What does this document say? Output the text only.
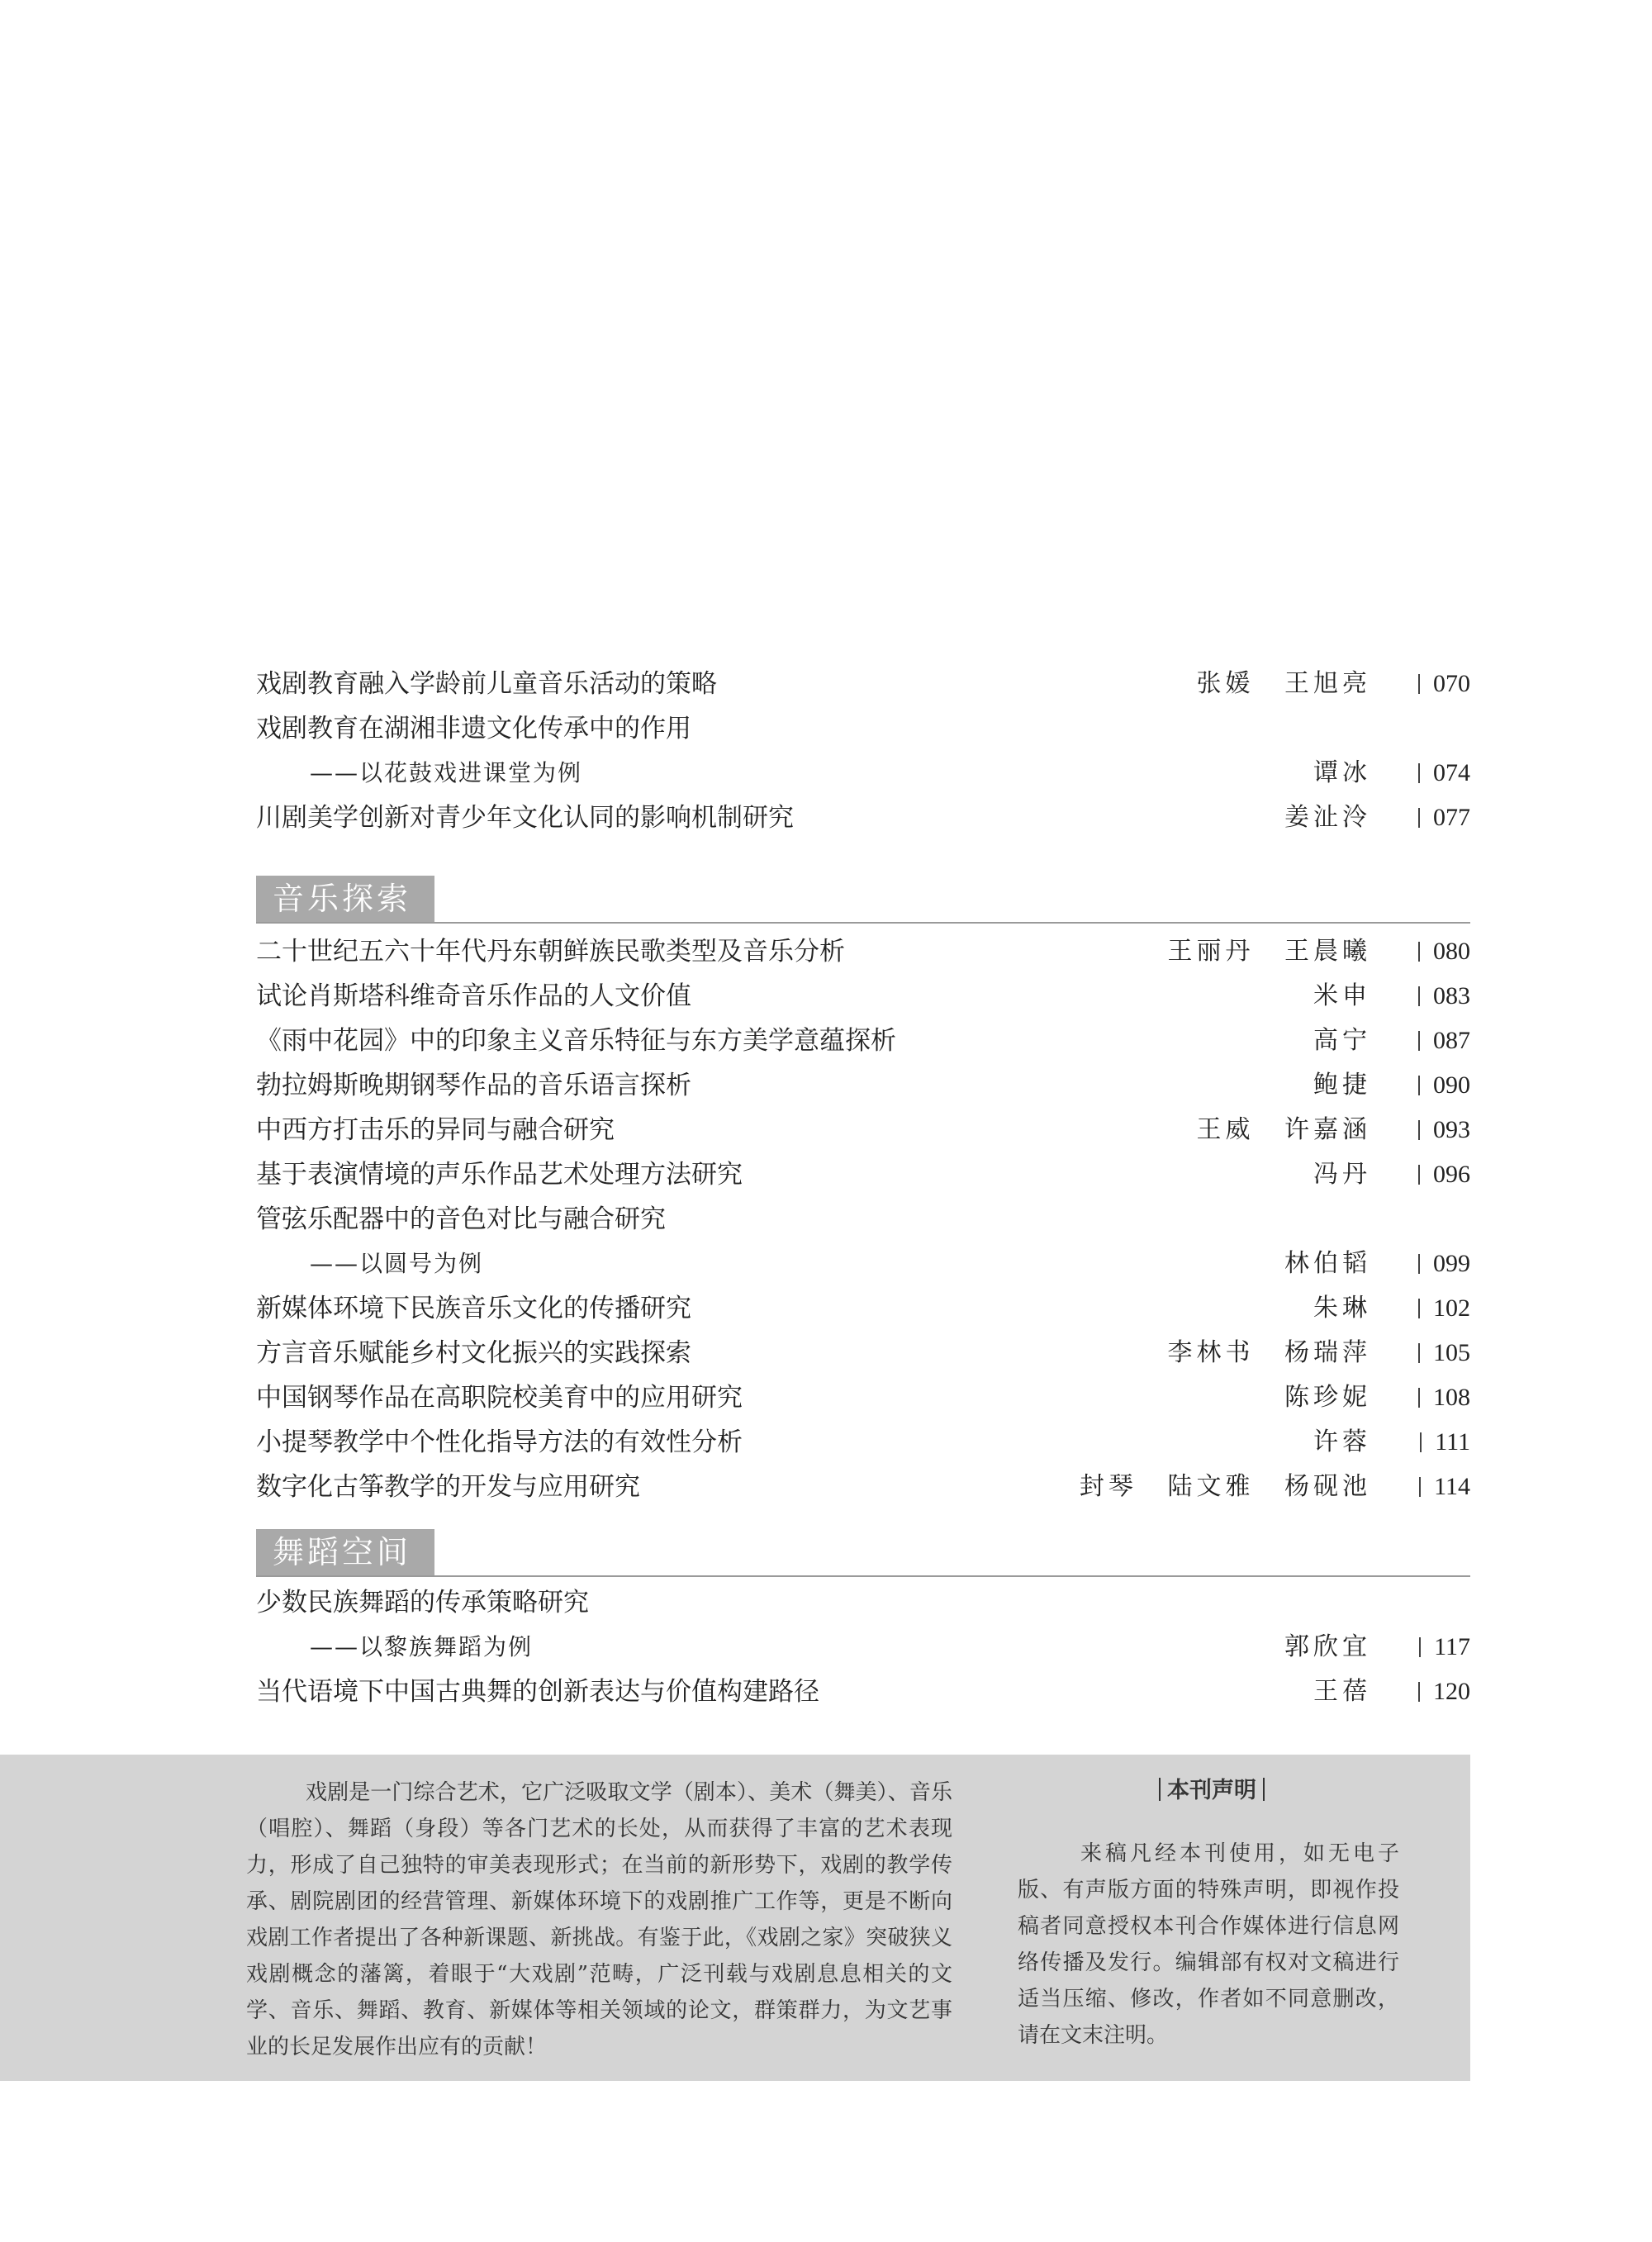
戏剧教育融入学龄前儿童音乐活动的策略	张媛 王旭亮	070
戏剧教育在湖湘非遗文化传承中的作用
——以花鼓戏进课堂为例	谭冰	074
川剧美学创新对青少年文化认同的影响机制研究	姜沚泠	077
音乐探索
二十世纪五六十年代丹东朝鲜族民歌类型及音乐分析	王丽丹 王晨曦	080
试论肖斯塔科维奇音乐作品的人文价值	米申	083
《雨中花园》中的印象主义音乐特征与东方美学意蕴探析	高宁	087
勃拉姆斯晚期钢琴作品的音乐语言探析	鲍捷	090
中西方打击乐的异同与融合研究	王威 许嘉涵	093
基于表演情境的声乐作品艺术处理方法研究	冯丹	096
管弦乐配器中的音色对比与融合研究
——以圆号为例	林伯韬	099
新媒体环境下民族音乐文化的传播研究	朱琳	102
方言音乐赋能乡村文化振兴的实践探索	李林书 杨瑞萍	105
中国钢琴作品在高职院校美育中的应用研究	陈珍妮	108
小提琴教学中个性化指导方法的有效性分析	许蓉	111
数字化古筝教学的开发与应用研究	封琴 陆文雅 杨砚池	114
舞蹈空间
少数民族舞蹈的传承策略研究
——以黎族舞蹈为例	郭欣宜	117
当代语境下中国古典舞的创新表达与价值构建路径	王蓓	120
戏剧是一门综合艺术，它广泛吸取文学（剧本）、美术（舞美）、音乐（唱腔）、舞蹈（身段）等各门艺术的长处，从而获得了丰富的艺术表现力，形成了自己独特的审美表现形式；在当前的新形势下，戏剧的教学传承、剧院剧团的经营管理、新媒体环境下的戏剧推广工作等，更是不断向戏剧工作者提出了各种新课题、新挑战。有鉴于此，《戏剧之家》突破狭义戏剧概念的藩篱，着眼于“大戏剧”范畴，广泛刊载与戏剧息息相关的文学、音乐、舞蹈、教育、新媒体等相关领域的论文，群策群力，为文艺事业的长足发展作出应有的贡献！
本刊声明
来稿凡经本刊使用，如无电子版、有声版方面的特殊声明，即视作投稿者同意授权本刊合作媒体进行信息网络传播及发行。编辑部有权对文稿进行适当压缩、修改，作者如不同意删改，请在文末注明。
